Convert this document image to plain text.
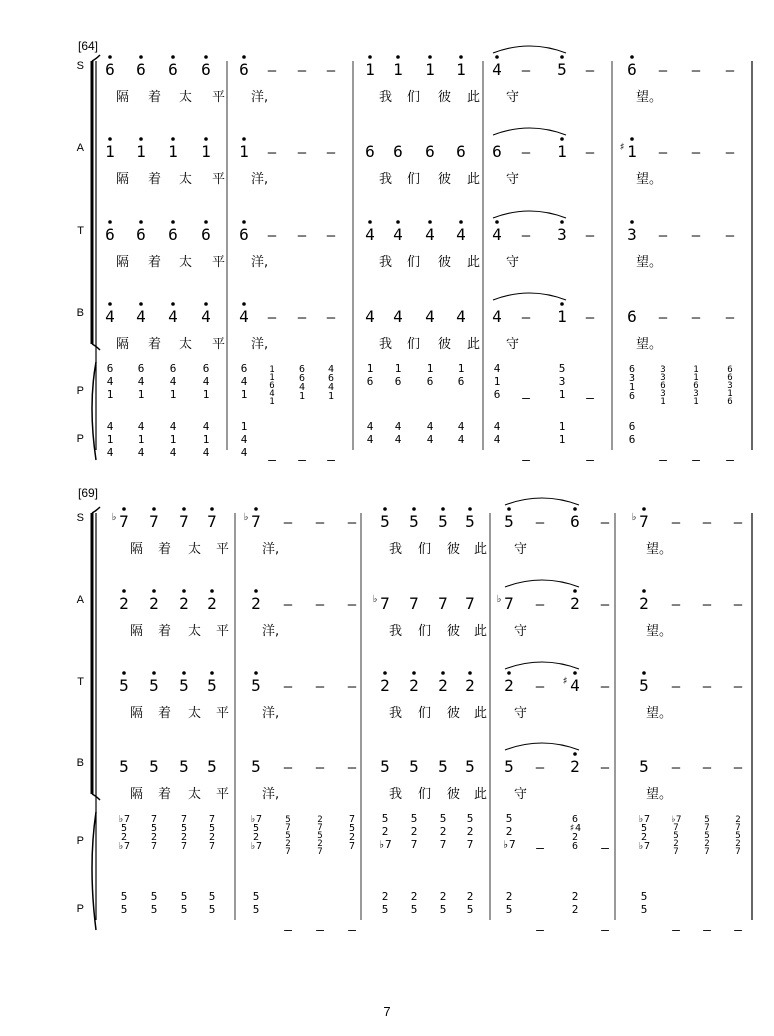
[64]
S 6 6 6 6 6 – – – 1 1 1 1 4 – 5 – 6 – – –
隔 着 太 平 洋,	我 们 彼 此 守	望。
A 1 1 1 1 1 – – – 6 6 6 6 6 – 1 – 1
♯ – – –
隔 着 太 平 洋,	我 们 彼 此 守	望。
T 6 6 6 6 6 – – – 4 4 4 4 4 – 3 – 3 – – –
隔 着 太 平 洋,	我 们 彼 此 守	望。
B 4 4 4 4 4 – – – 4 4 4 4 4 – 1 – 6 – – –
隔 着 太 平 洋,	我 们 彼 此 守	望。
P
6
4
1
6
4
1
6
4
1
6
4
1
6
4
1
1
1
6
4
1
6
6
4
1
4
6
4
1
1
6
1
6
1
6
1
6
4
1
6 –
5
3
1 –
6
3
1
6
3
3
6
3
1
1
1
6
3
1
6
6
3
1
6
P
4
1
4
4
1
4
4
1
4
4
1
4
1
4
4
– – –
4
4
4
4
4
4
4
4
4
4
–
1
1
–
6
6
– – –
[69]
S 7
♭ 7 7 7 7
♭	– – – 5 5 5 5 5 – 6 – 7
♭	– – –
隔 着 太 平	洋,	我 们 彼 此 守	望。
A 2 2 2 2 2 – – – 7
♭ 7 7 7 7
♭ – 2 – 2 – – –
隔 着 太 平	洋,	我 们 彼 此 守	望。
T 5 5 5 5 5 – – – 2 2 2 2 2 – 4
♯ – 5 – – –
隔 着 太 平	洋,	我 们 彼 此 守	望。
B 5 5 5 5 5 – – – 5 5 5 5 5 – 2 – 5 – – –
隔 着 太 平	洋,	我 们 彼 此 守	望。
P
♭7
5
2
♭7
7
5
2
7
7
5
2
7
7
5
2
7
♭7
5
2
♭7
5
7
5
2
7
2
7
5
2
7
7
5
2
7
5
2
♭7
5
2
7
5
2
7
5
2
7
5
2
♭7 –
6
♯4
2
6 –
♭7
5
2
♭7
♭7
7
5
2
7
5
7
5
2
7
2
7
5
2
7
P
5
5
5
5
5
5
5
5
5
5
– – –
2
5
2
5
2
5
2
5
2
5
–
2
2
–
5
5
– – –
7
